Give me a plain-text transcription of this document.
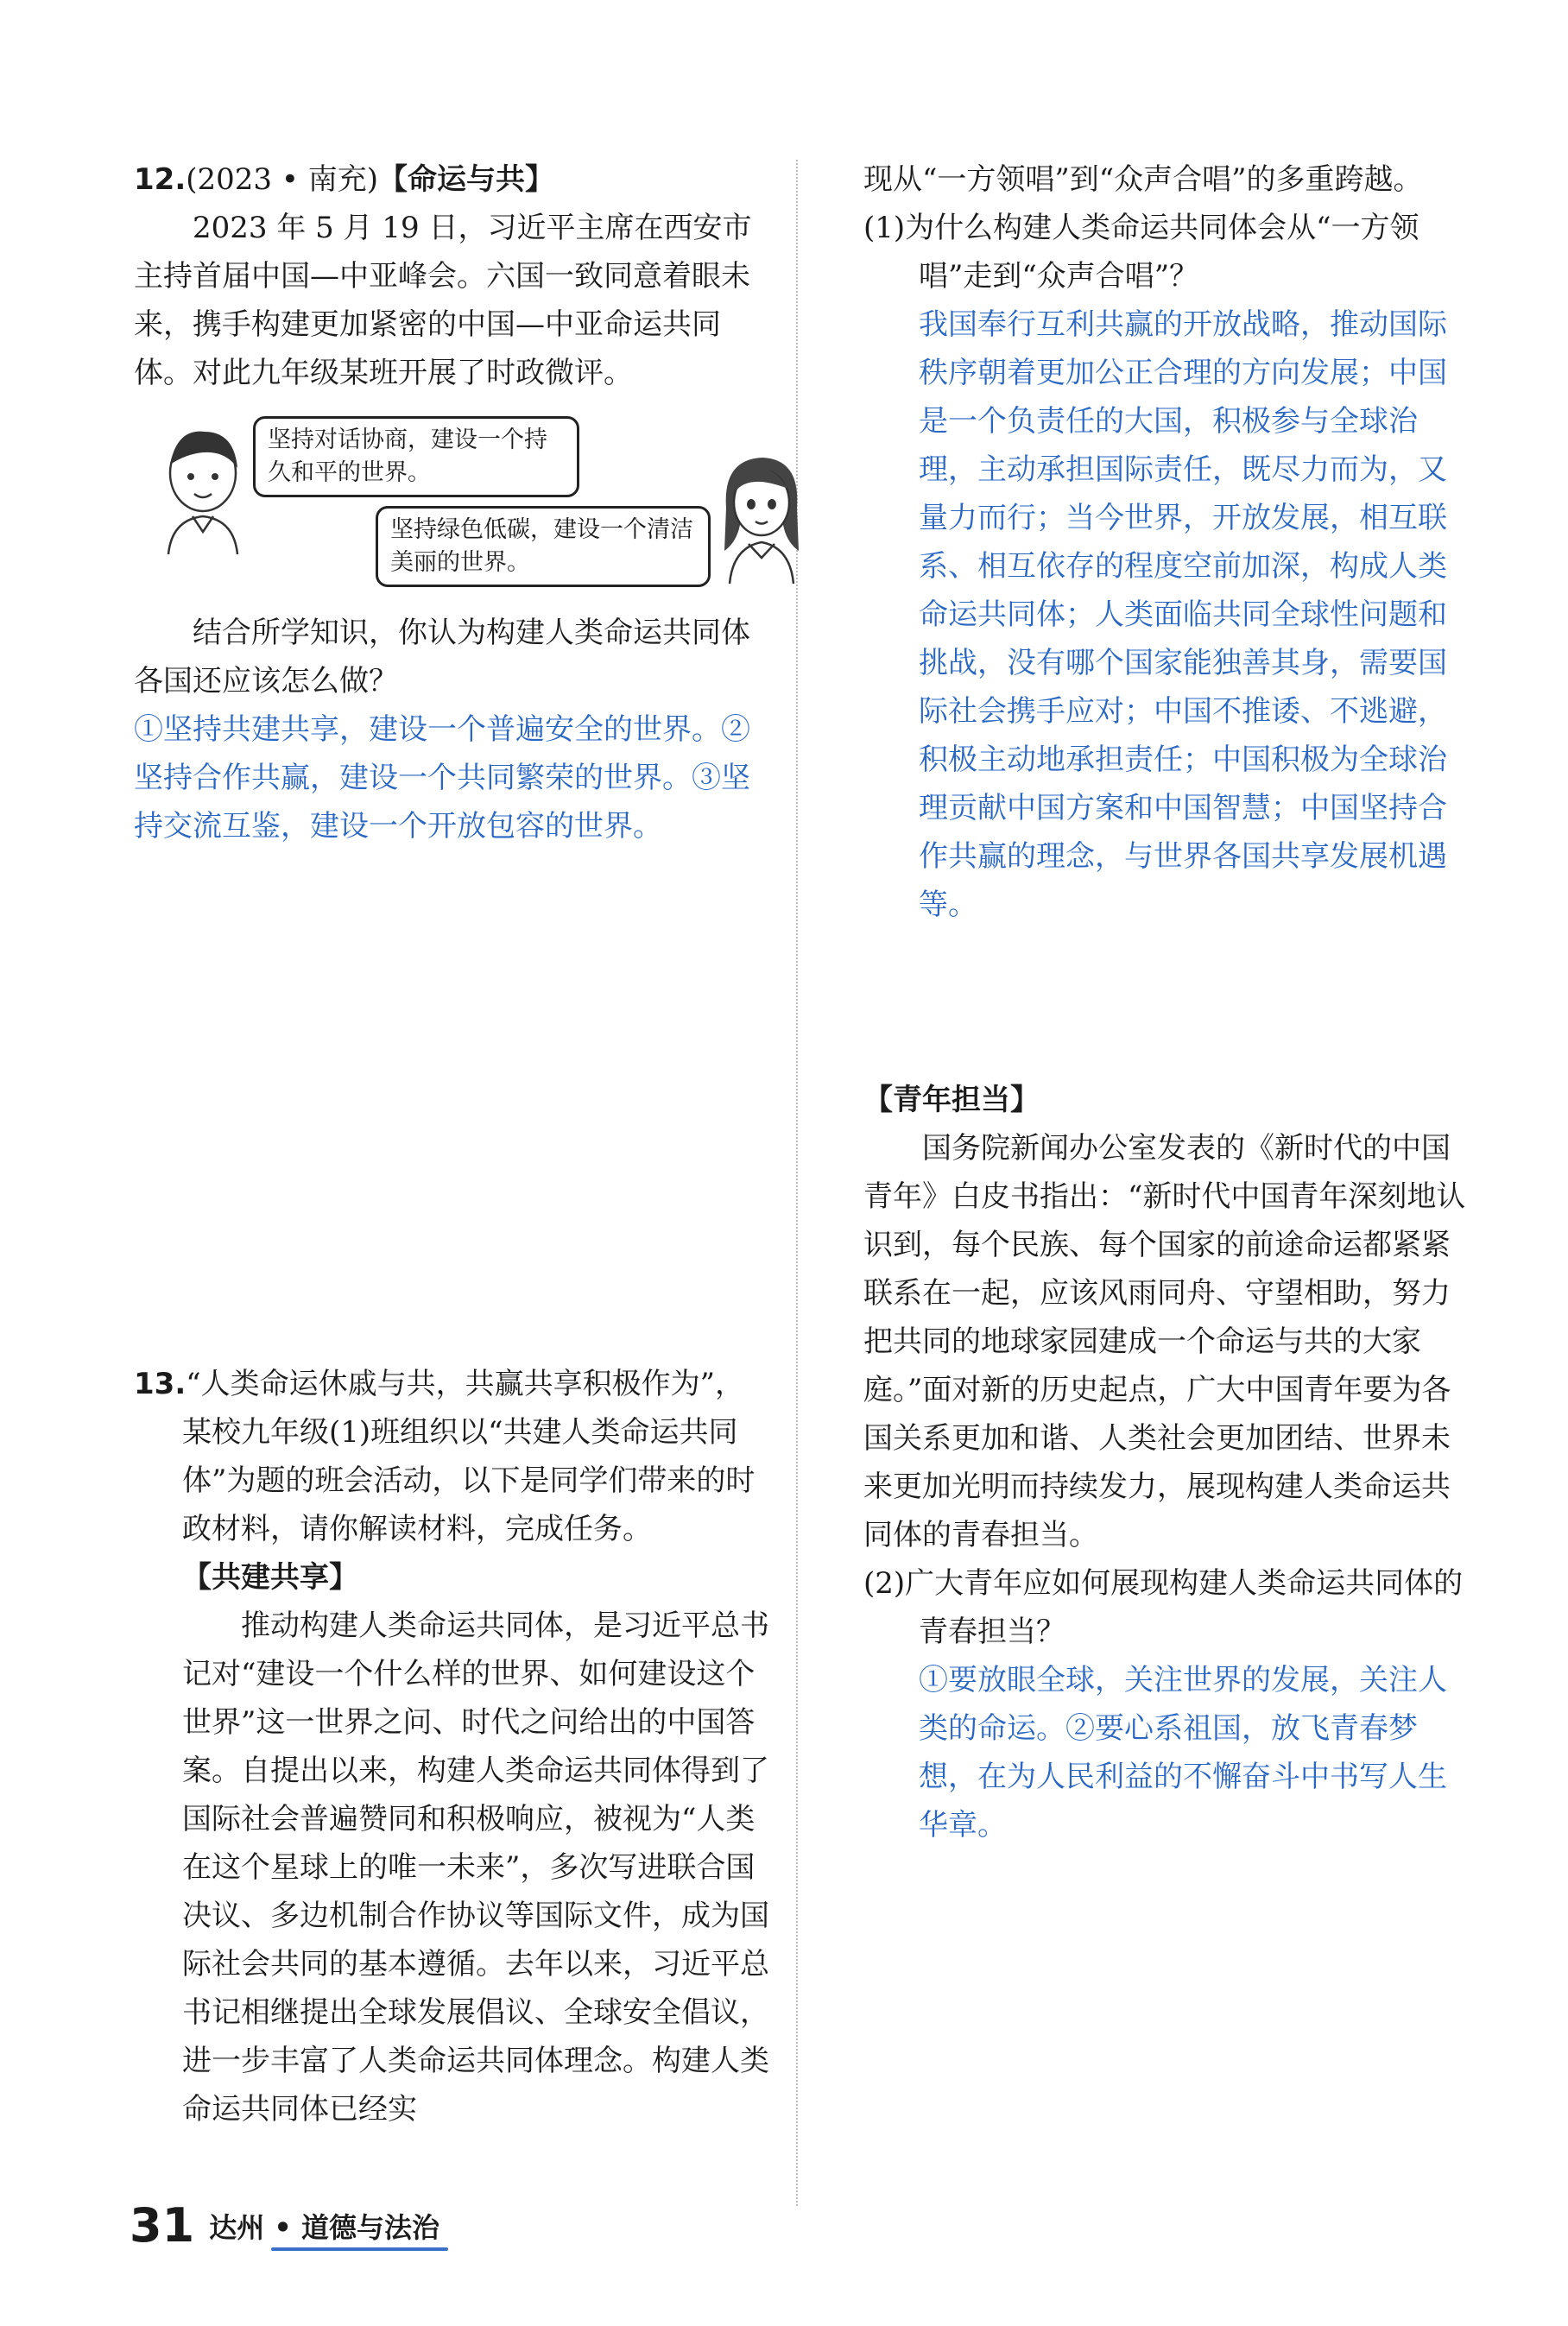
12.(2023 • 南充)【命运与共】

2023 年 5 月 19 日，习近平主席在西安市主持首届中国—中亚峰会。六国一致同意着眼未来，携手构建更加紧密的中国—中亚命运共同体。对此九年级某班开展了时政微评。

坚持对话协商，建设一个持久和平的世界。
坚持绿色低碳，建设一个清洁美丽的世界。

结合所学知识，你认为构建人类命运共同体各国还应该怎么做？

①坚持共建共享，建设一个普遍安全的世界。②坚持合作共赢，建设一个共同繁荣的世界。③坚持交流互鉴，建设一个开放包容的世界。

13.“人类命运休戚与共，共赢共享积极作为”，某校九年级(1)班组织以“共建人类命运共同体”为题的班会活动，以下是同学们带来的时政材料，请你解读材料，完成任务。

【共建共享】

推动构建人类命运共同体，是习近平总书记对“建设一个什么样的世界、如何建设这个世界”这一世界之问、时代之问给出的中国答案。自提出以来，构建人类命运共同体得到了国际社会普遍赞同和积极响应，被视为“人类在这个星球上的唯一未来”，多次写进联合国决议、多边机制合作协议等国际文件，成为国际社会共同的基本遵循。去年以来，习近平总书记相继提出全球发展倡议、全球安全倡议，进一步丰富了人类命运共同体理念。构建人类命运共同体已经实

现从“一方领唱”到“众声合唱”的多重跨越。

(1)为什么构建人类命运共同体会从“一方领唱”走到“众声合唱”？

我国奉行互利共赢的开放战略，推动国际秩序朝着更加公正合理的方向发展；中国是一个负责任的大国，积极参与全球治理，主动承担国际责任，既尽力而为，又量力而行；当今世界，开放发展，相互联系、相互依存的程度空前加深，构成人类命运共同体；人类面临共同全球性问题和挑战，没有哪个国家能独善其身，需要国际社会携手应对；中国不推诿、不逃避，积极主动地承担责任；中国积极为全球治理贡献中国方案和中国智慧；中国坚持合作共赢的理念，与世界各国共享发展机遇等。

【青年担当】

国务院新闻办公室发表的《新时代的中国青年》白皮书指出：“新时代中国青年深刻地认识到，每个民族、每个国家的前途命运都紧紧联系在一起，应该风雨同舟、守望相助，努力把共同的地球家园建成一个命运与共的大家庭。”面对新的历史起点，广大中国青年要为各国关系更加和谐、人类社会更加团结、世界未来更加光明而持续发力，展现构建人类命运共同体的青春担当。

(2)广大青年应如何展现构建人类命运共同体的青春担当？

①要放眼全球，关注世界的发展，关注人类的命运。②要心系祖国，放飞青春梦想，在为人民利益的不懈奋斗中书写人生华章。

31 达州 • 道德与法治
